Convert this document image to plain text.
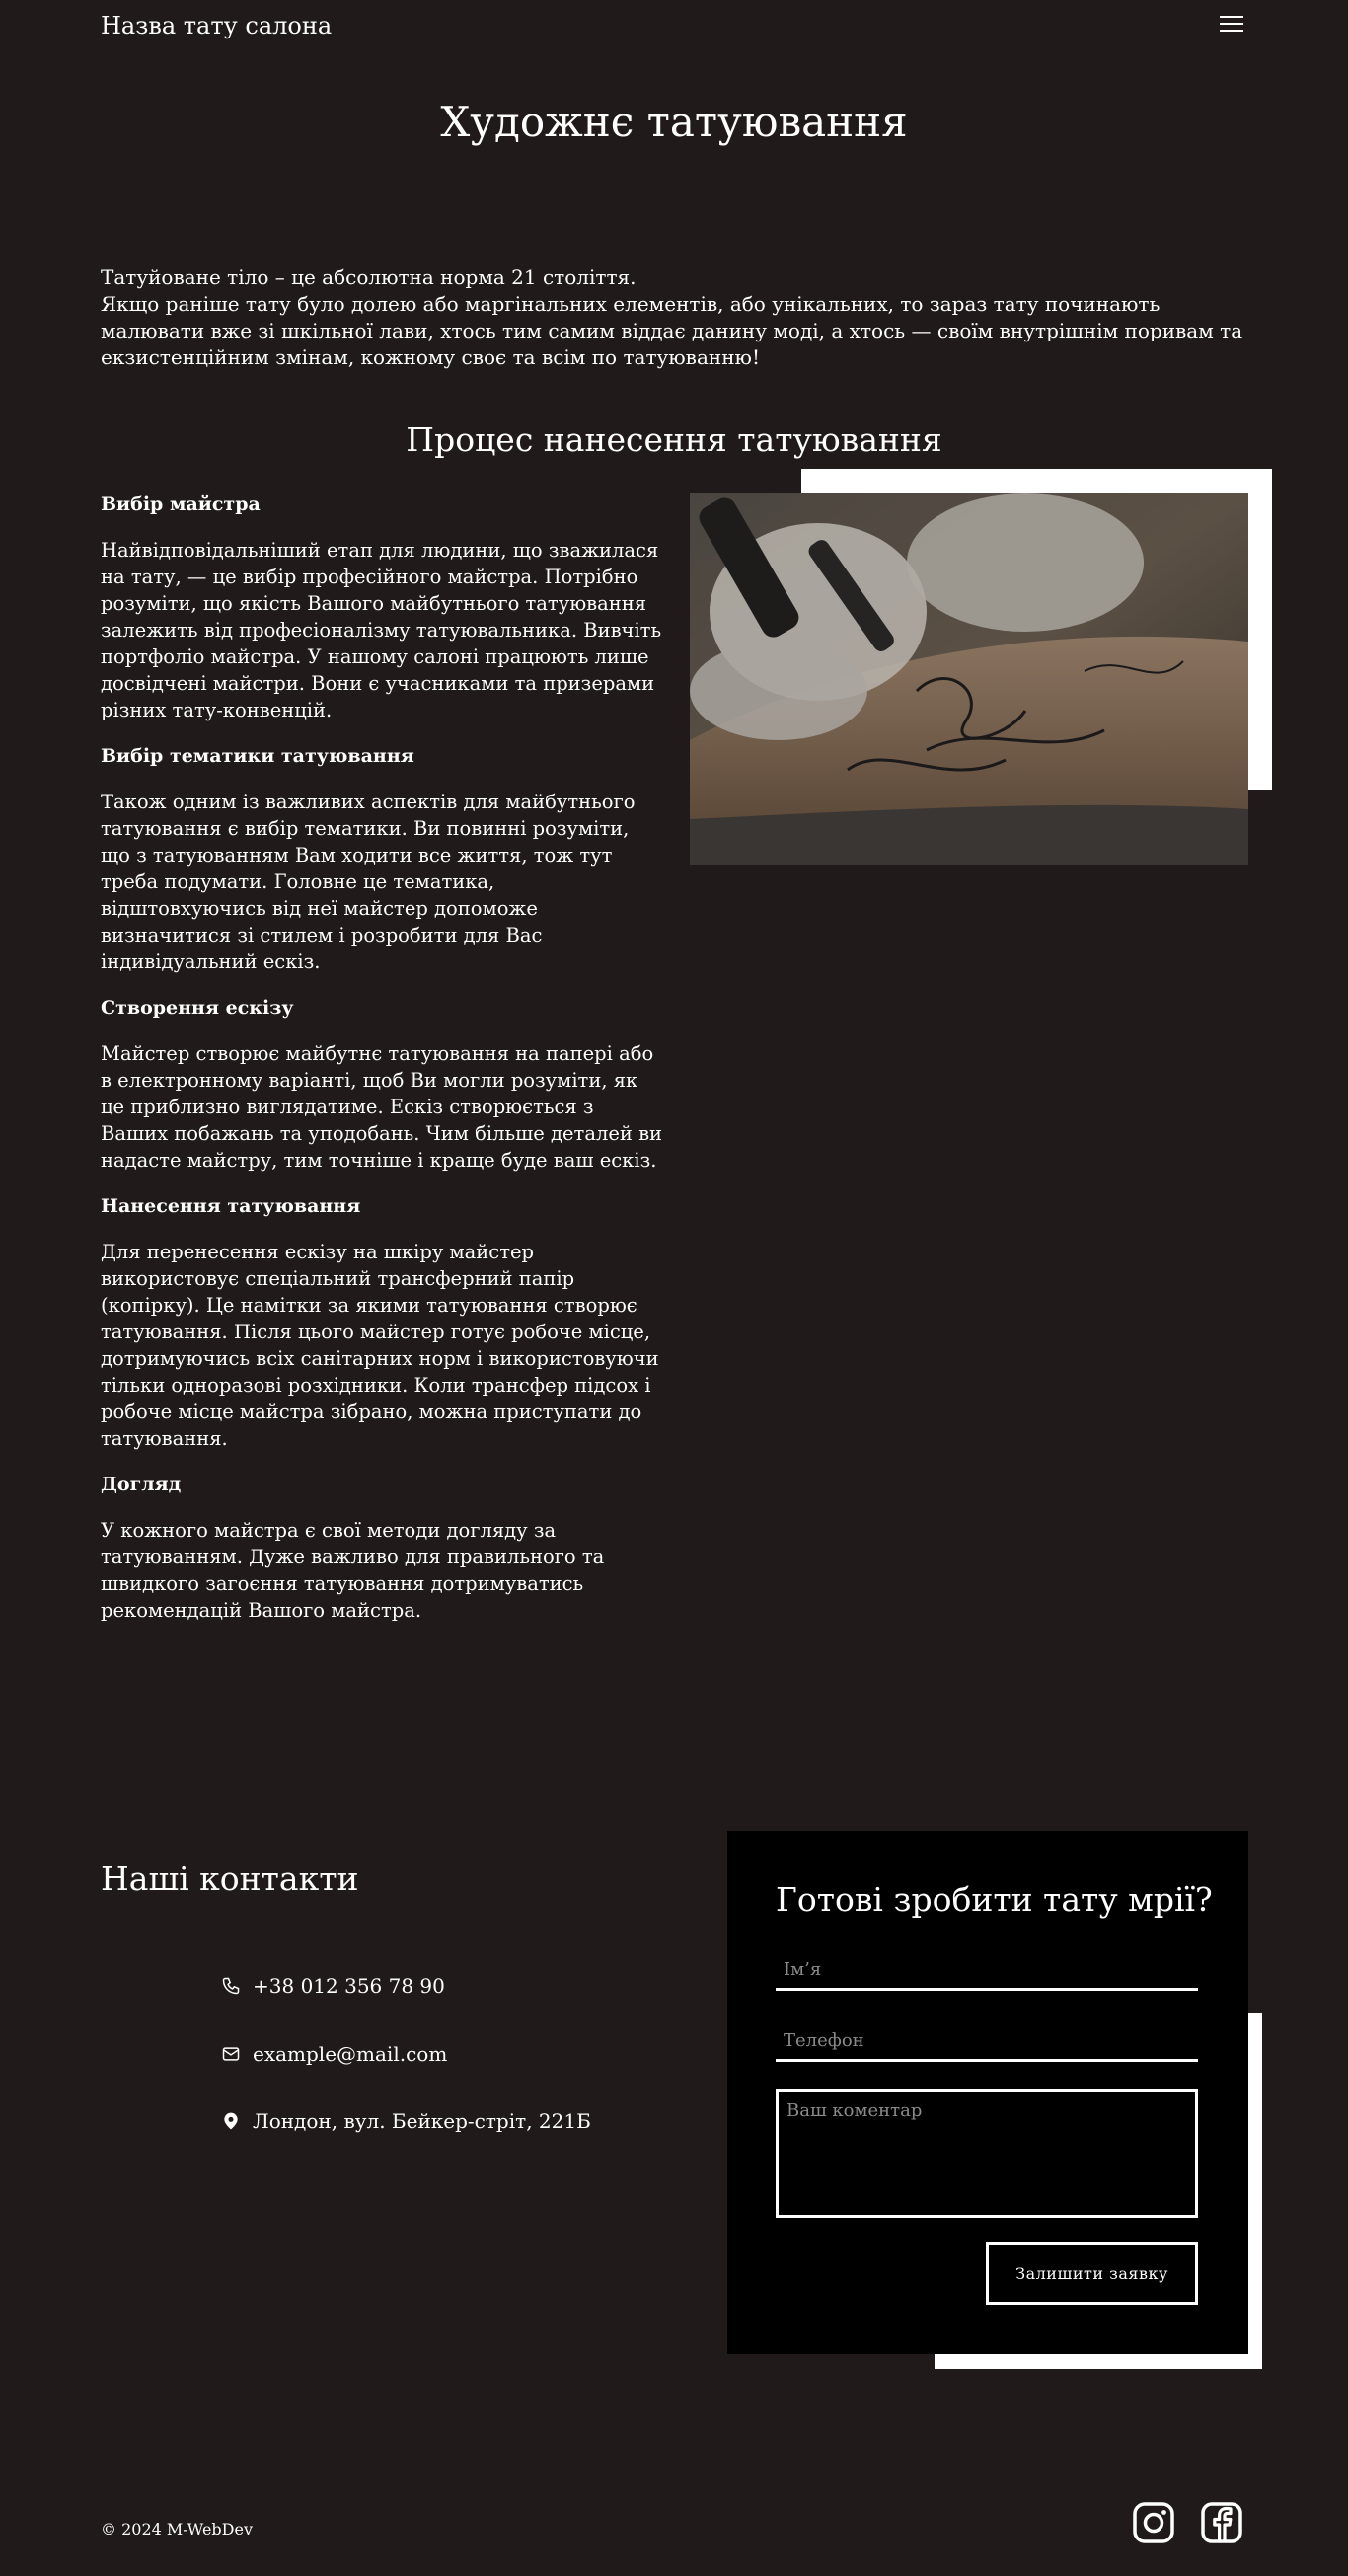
Назва тату салона
Художнє татуювання

Татуйоване тіло – це абсолютна норма 21 століття.

Якщо раніше тату було долею або маргінальних елементів, або унікальних, то зараз тату починають малювати вже зі шкільної лави, хтось тим самим віддає данину моді, а хтось — своїм внутрішнім поривам та екзистенційним змінам, кожному своє та всім по татуюванню!

Процес нанесення татуювання
Вибір майстра
Найвідповідальніший етап для людини, що зважилася на тату, — це вибір професійного майстра. Потрібно розуміти, що якість Вашого майбутнього татуювання залежить від професіоналізму татуювальника. Вивчіть портфоліо майстра. У нашому салоні працюють лише досвідчені майстри. Вони є учасниками та призерами різних тату-конвенцій.
Вибір тематики татуювання
Також одним із важливих аспектів для майбутнього татуювання є вибір тематики. Ви повинні розуміти, що з татуюванням Вам ходити все життя, тож тут треба подумати. Головне це тематика, відштовхуючись від неї майстер допоможе визначитися зі стилем і розробити для Вас індивідуальний ескіз.
Створення ескізу
Майстер створює майбутнє татуювання на папері або в електронному варіанті, щоб Ви могли розуміти, як це приблизно виглядатиме. Ескіз створюється з Ваших побажань та уподобань. Чим більше деталей ви надасте майстру, тим точніше і краще буде ваш ескіз.
Нанесення татуювання
Для перенесення ескізу на шкіру майстер використовує спеціальний трансферний папір (копірку). Це намітки за якими татуювання створює татуювання. Після цього майстер готує робоче місце, дотримуючись всіх санітарних норм і використовуючи тільки одноразові розхідники. Коли трансфер підсох і робоче місце майстра зібрано, можна приступати до татуювання.
Догляд
У кожного майстра є свої методи догляду за татуюванням. Дуже важливо для правильного та швидкого загоєння татуювання дотримуватись рекомендацій Вашого майстра.
Наші контакти
+38 012 356 78 90
example@mail.com
Лондон, вул. Бейкер-стріт, 221Б
Готові зробити тату мрії?
Ім’я
Телефон
Ваш коментар
Залишити заявку
© 2024 M-WebDev
